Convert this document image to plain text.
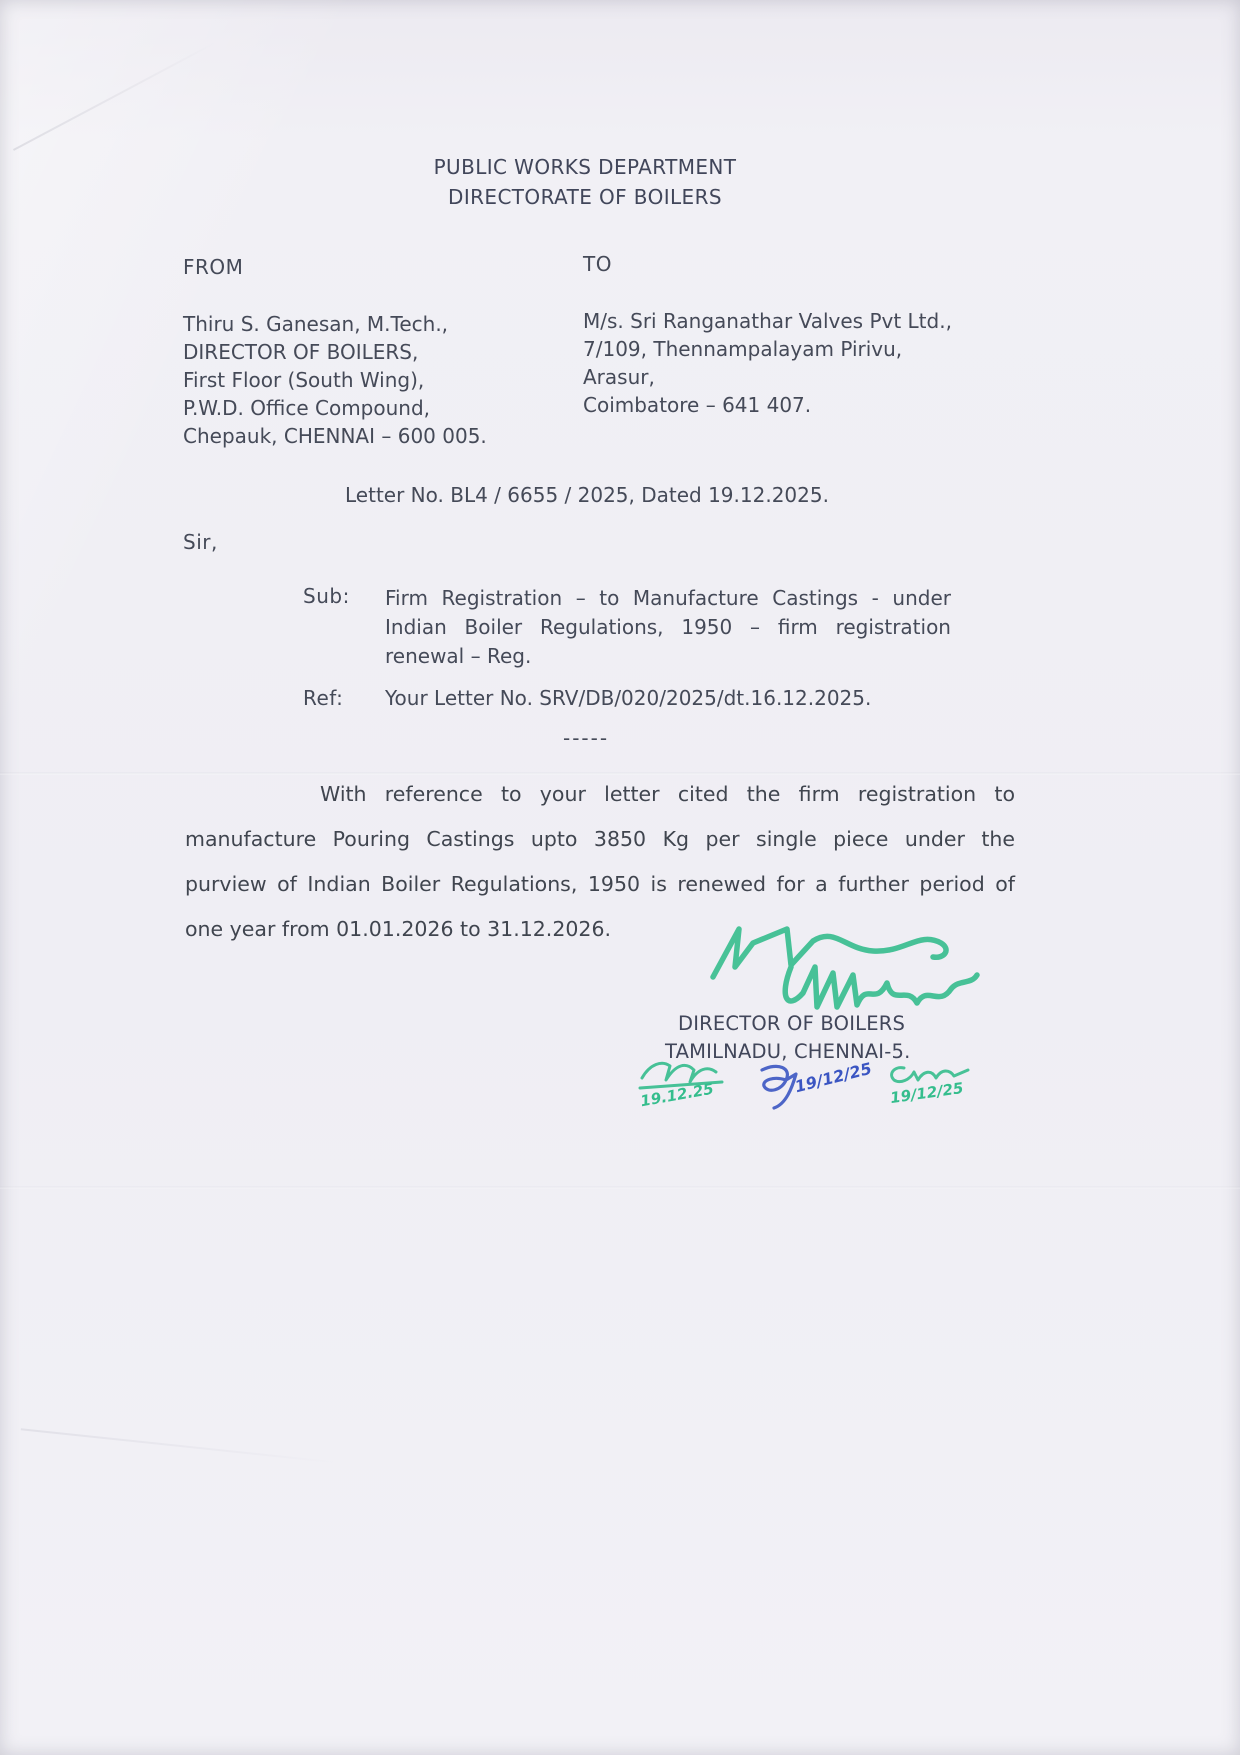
PUBLIC WORKS DEPARTMENT
DIRECTORATE OF BOILERS
FROM
Thiru S. Ganesan, M.Tech.,
DIRECTOR OF BOILERS,
First Floor (South Wing),
P.W.D. Office Compound,
Chepauk, CHENNAI – 600 005.
TO
M/s. Sri Ranganathar Valves Pvt Ltd.,
7/109, Thennampalayam Pirivu,
Arasur,
Coimbatore – 641 407.
Letter No. BL4 / 6655 / 2025, Dated 19.12.2025.
Sir,
Sub: Firm Registration – to Manufacture Castings - under
Indian Boiler Regulations, 1950 – firm registration
renewal – Reg.
Ref: Your Letter No. SRV/DB/020/2025/dt.16.12.2025.
-----
With reference to your letter cited the firm registration to
manufacture Pouring Castings upto 3850 Kg per single piece under the
purview of Indian Boiler Regulations, 1950 is renewed for a further period of
one year from 01.01.2026 to 31.12.2026.
DIRECTOR OF BOILERS
TAMILNADU, CHENNAI-5.
19.12.25	19/12/25 19/12/25
